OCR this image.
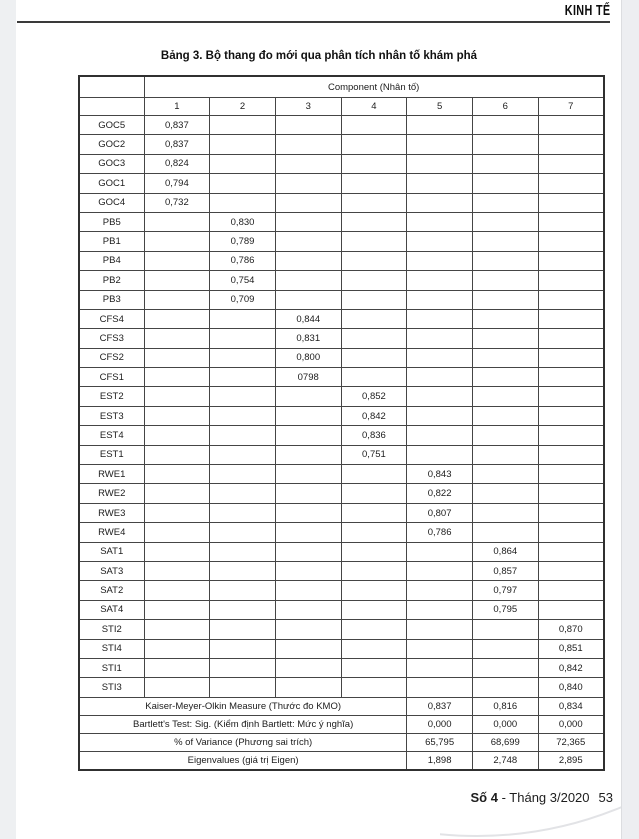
KINH TẾ
Bảng 3. Bộ thang đo mới qua phân tích nhân tố khám phá
	Component (Nhân tố)						
	1	2	3	4	5	6	7
GOC5	0,837						
GOC2	0,837						
GOC3	0,824						
GOC1	0,794						
GOC4	0,732						
PB5		0,830					
PB1		0,789					
PB4		0,786					
PB2		0,754					
PB3		0,709					
CFS4			0,844				
CFS3			0,831				
CFS2			0,800				
CFS1			0798				
EST2				0,852			
EST3				0,842			
EST4				0,836			
EST1				0,751			
RWE1					0,843		
RWE2					0,822		
RWE3					0,807		
RWE4					0,786		
SAT1						0,864	
SAT3						0,857	
SAT2						0,797	
SAT4						0,795	
STI2							0,870
STI4							0,851
STI1							0,842
STI3							0,840
Kaiser-Meyer-Olkin Measure (Thước đo KMO)					0,837	0,816	0,834
Bartlett's Test: Sig. (Kiểm định Bartlett: Mức ý nghĩa)					0,000	0,000	0,000
% of Variance (Phương sai trích)					65,795	68,699	72,365
Eigenvalues (giá trị Eigen)					1,898	2,748	2,895
Số 4 - Tháng 3/2020 53
